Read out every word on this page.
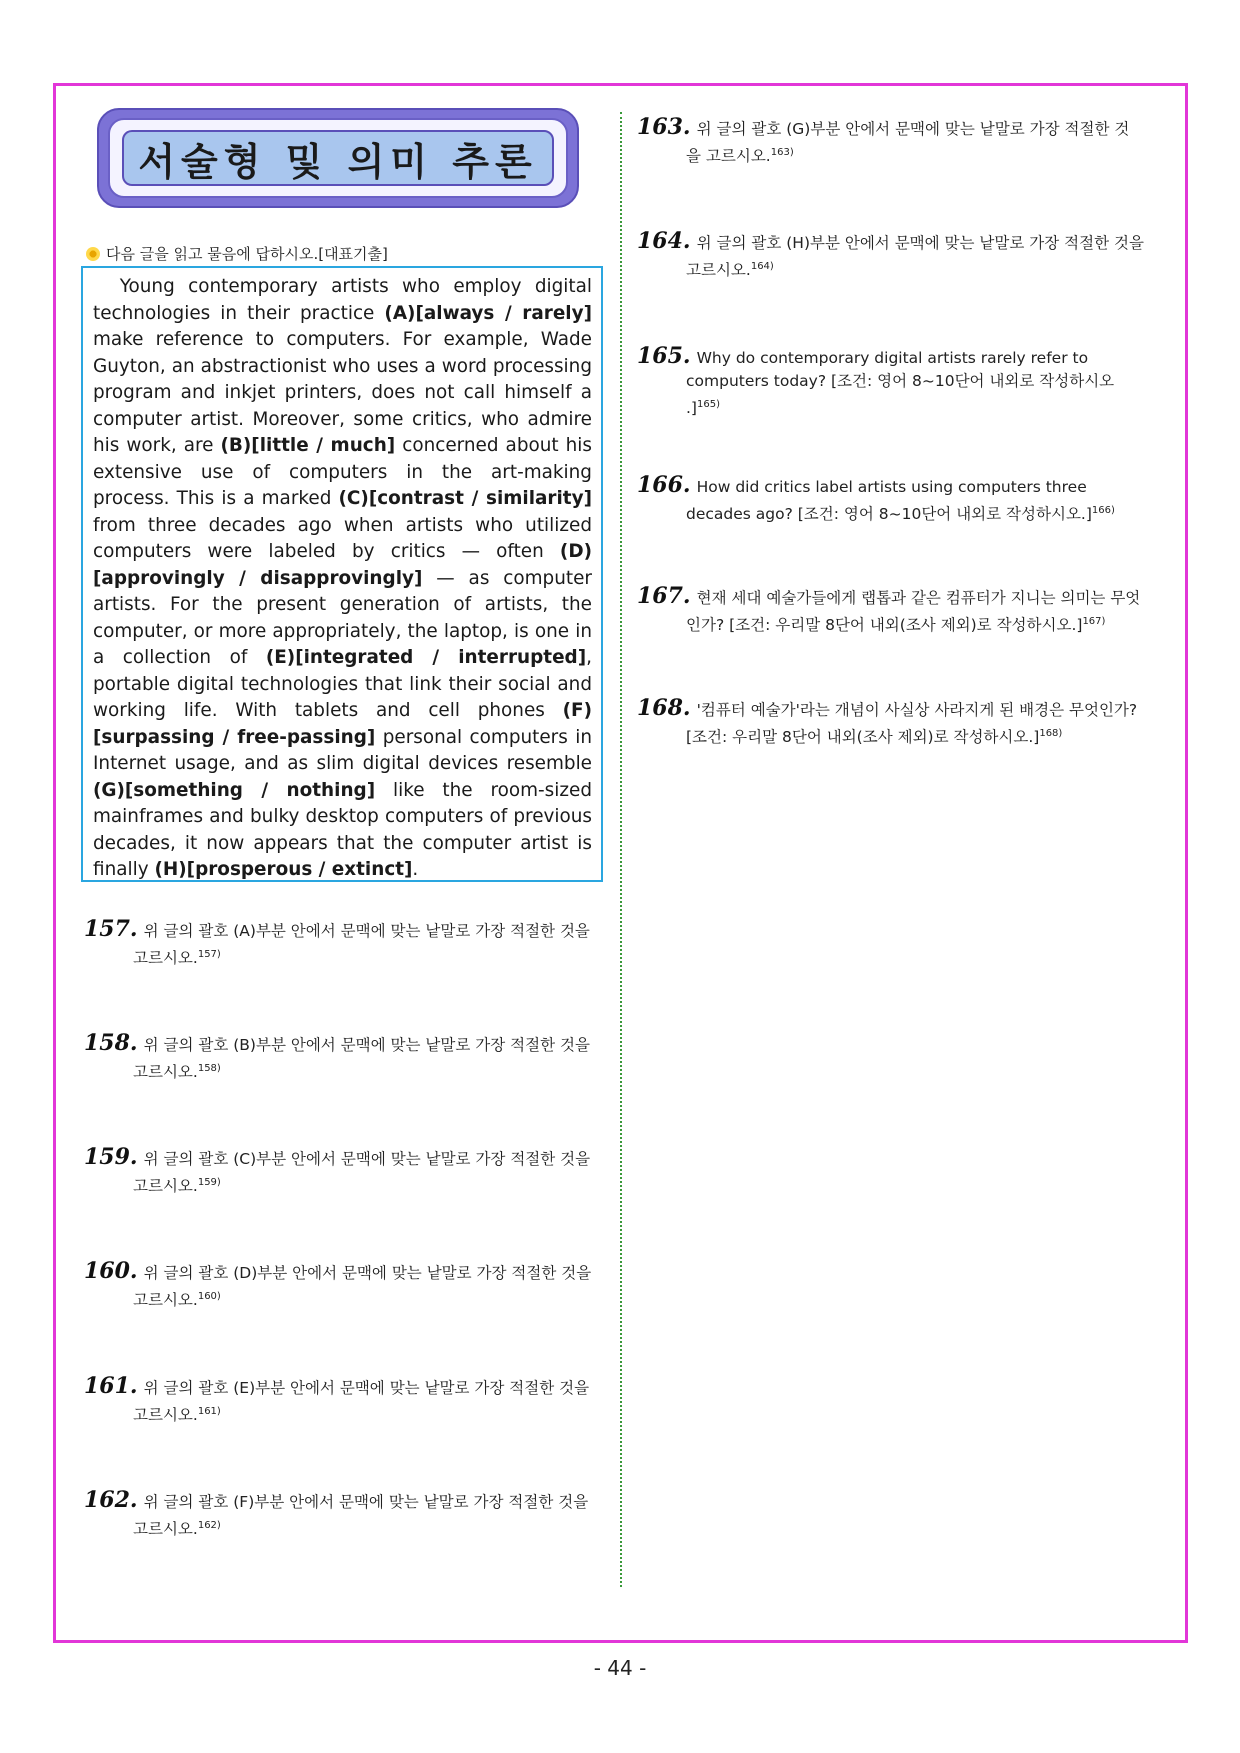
서술형 및 의미 추론
다음 글을 읽고 물음에 답하시오.[대표기출]
Young contemporary artists who employ digital technologies in their practice (A)[always / rarely] make reference to computers. For example, Wade Guyton, an abstractionist who uses a word processing program and inkjet printers, does not call himself a computer artist. Moreover, some critics, who admire his work, are (B)[little / much] concerned about his extensive use of computers in the art-making process. This is a marked (C)[contrast / similarity] from three decades ago when artists who utilized computers were labeled by critics — often (D)[approvingly / disapprovingly] — as computer artists. For the present generation of artists, the computer, or more appropriately, the laptop, is one in a collection of (E)[integrated / interrupted], portable digital technologies that link their social and working life. With tablets and cell phones (F)[surpassing / free-passing] personal computers in Internet usage, and as slim digital devices resemble (G)[something / nothing] like the room-sized mainframes and bulky desktop computers of previous decades, it now appears that the computer artist is finally (H)[prosperous / extinct].
157. 위 글의 괄호 (A)부분 안에서 문맥에 맞는 낱말로 가장 적절한 것을
고르시오.$^{157)}$
158. 위 글의 괄호 (B)부분 안에서 문맥에 맞는 낱말로 가장 적절한 것을
고르시오.$^{158)}$
159. 위 글의 괄호 (C)부분 안에서 문맥에 맞는 낱말로 가장 적절한 것을
고르시오.$^{159)}$
160. 위 글의 괄호 (D)부분 안에서 문맥에 맞는 낱말로 가장 적절한 것을
고르시오.$^{160)}$
161. 위 글의 괄호 (E)부분 안에서 문맥에 맞는 낱말로 가장 적절한 것을
고르시오.$^{161)}$
162. 위 글의 괄호 (F)부분 안에서 문맥에 맞는 낱말로 가장 적절한 것을
고르시오.$^{162)}$
163. 위 글의 괄호 (G)부분 안에서 문맥에 맞는 낱말로 가장 적절한 것
을 고르시오.$^{163)}$
164. 위 글의 괄호 (H)부분 안에서 문맥에 맞는 낱말로 가장 적절한 것을
고르시오.$^{164)}$
165. Why do contemporary digital artists rarely refer to
computers today? [조건: 영어 8~10단어 내외로 작성하시오
.]$^{165)}$
166. How did critics label artists using computers three
decades ago? [조건: 영어 8~10단어 내외로 작성하시오.]$^{166)}$
167. 현재 세대 예술가들에게 랩톱과 같은 컴퓨터가 지니는 의미는 무엇
인가? [조건: 우리말 8단어 내외(조사 제외)로 작성하시오.]$^{167)}$
168. '컴퓨터 예술가'라는 개념이 사실상 사라지게 된 배경은 무엇인가?
[조건: 우리말 8단어 내외(조사 제외)로 작성하시오.]$^{168)}$
- 44 -
